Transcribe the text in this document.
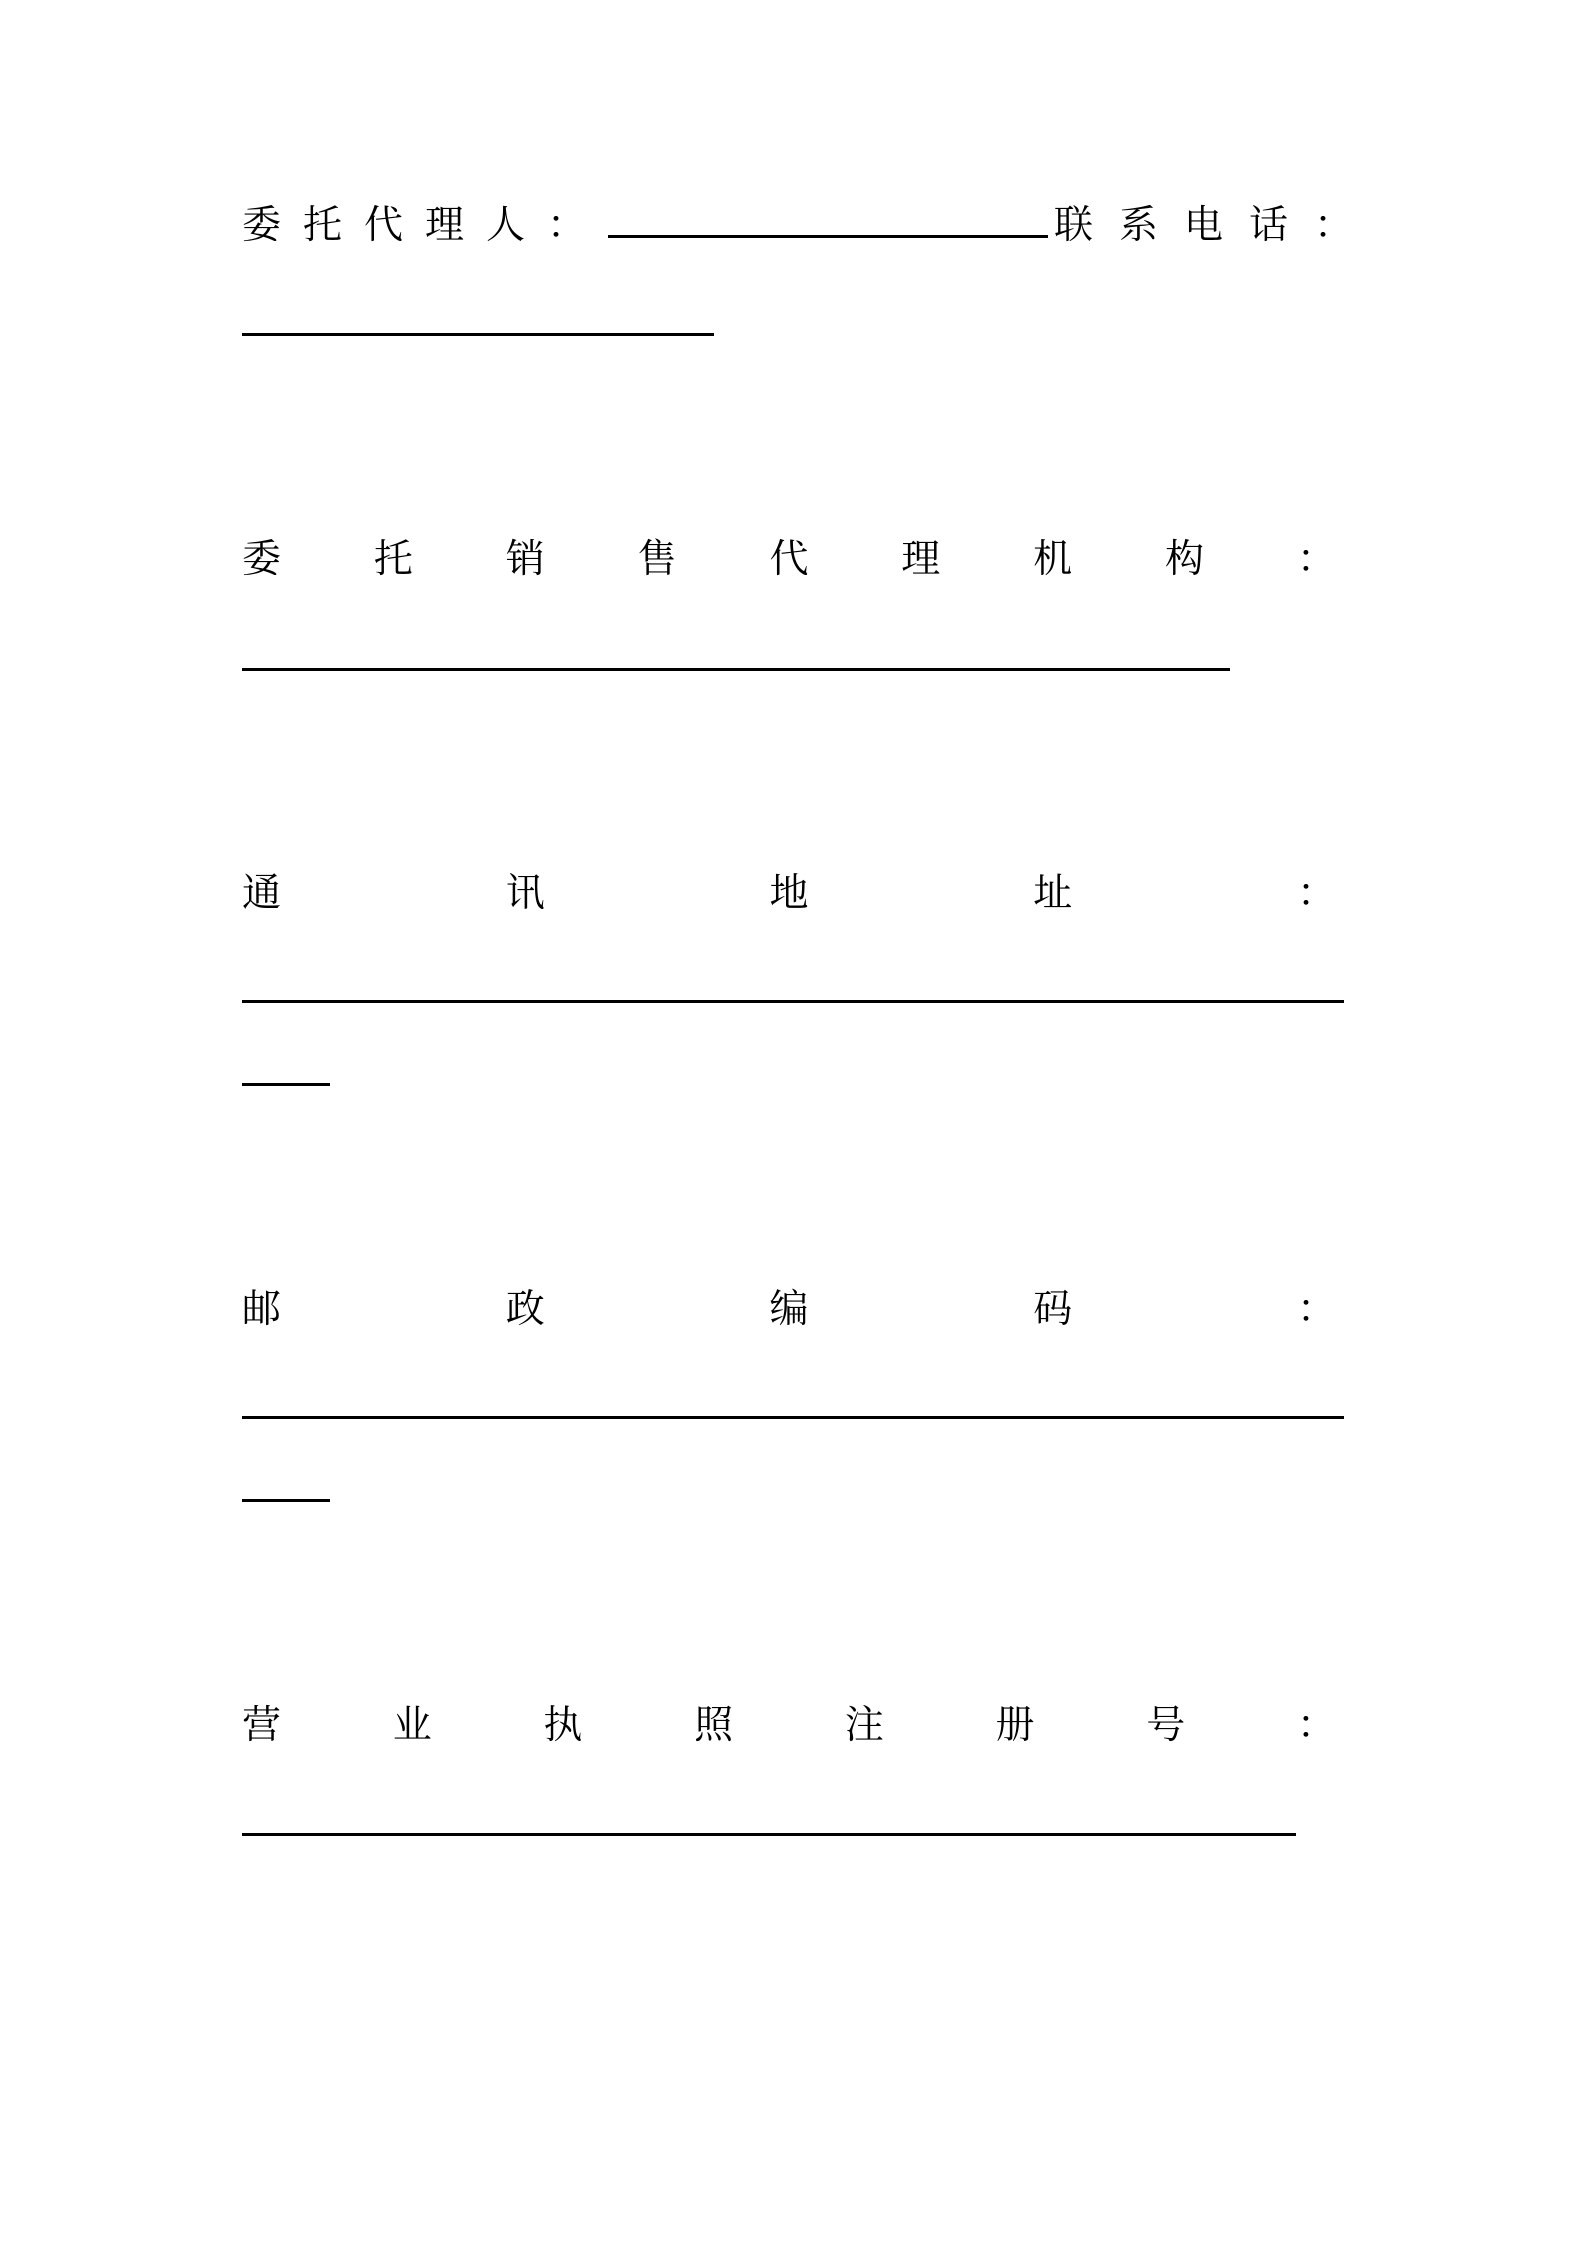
委托代理人：	联系电话：
委 托 销 售 代 理 机 构 ：
通	讯	地	址	：
邮	政	编	码	：
营	业	执	照	注	册	号	：
